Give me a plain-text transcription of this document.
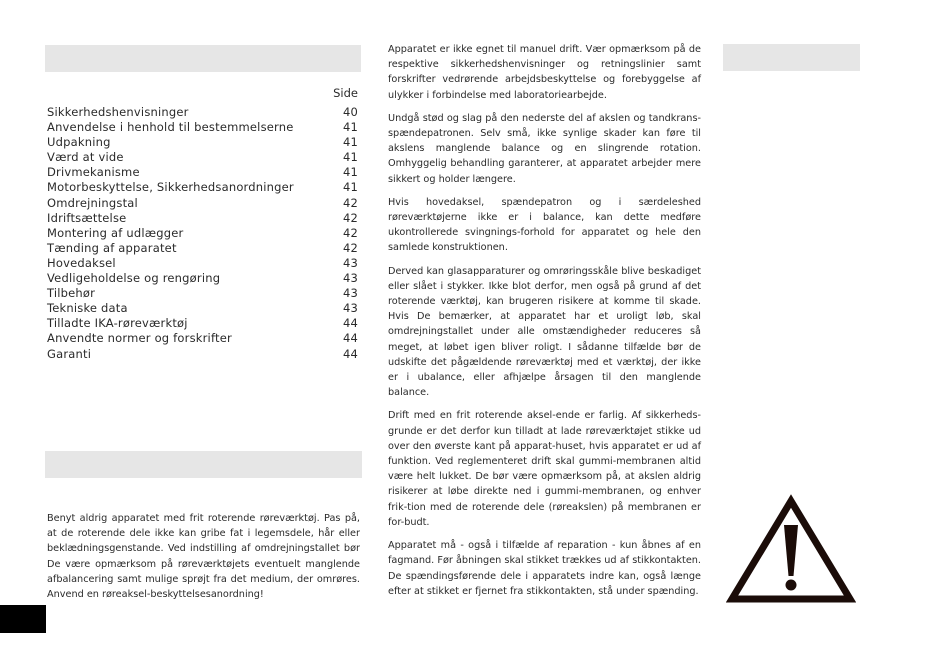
Side
Sikkerhedshenvisninger	40
Anvendelse i henhold til bestemmelserne	41
Udpakning	41
Værd at vide	41
Drivmekanisme	41
Motorbeskyttelse, Sikkerhedsanordninger	41
Omdrejningstal	42
Idriftsættelse	42
Montering af udlægger	42
Tænding af apparatet	42
Hovedaksel	43
Vedligeholdelse og rengøring	43
Tilbehør	43
Tekniske data	43
Tilladte IKA-røreværktøj	44
Anvendte normer og forskrifter	44
Garanti	44

Benyt aldrig apparatet med frit roterende røreværktøj. Pas på, at de roterende dele ikke kan gribe fat i legemsdele, hår eller beklædningsgenstande. Ved indstilling af omdrejningstallet bør De være opmærksom på røreværktøjets eventuelt manglende afbalancering samt mulige sprøjt fra det medium, der omrøres. Anvend en røreaksel-beskyttelsesanordning!

Apparatet er ikke egnet til manuel drift. Vær opmærksom på de respektive sikkerhedshenvisninger og retningslinier samt forskrifter vedrørende arbejdsbeskyttelse og forebyggelse af ulykker i forbindelse med laboratoriearbejde.

Undgå stød og slag på den nederste del af akslen og tandkrans-spændepatronen. Selv små, ikke synlige skader kan føre til akslens manglende balance og en slingrende rotation. Omhyggelig behandling garanterer, at apparatet arbejder mere sikkert og holder længere.

Hvis hovedaksel, spændepatron og i særdeleshed røreværktøjerne ikke er i balance, kan dette medføre ukontrollerede svingnings-forhold for apparatet og hele den samlede konstruktionen.

Derved kan glasapparaturer og omrøringsskåle blive beskadiget eller slået i stykker. Ikke blot derfor, men også på grund af det roterende værktøj, kan brugeren risikere at komme til skade. Hvis De bemærker, at apparatet har et uroligt løb, skal omdrejningstallet under alle omstændigheder reduceres så meget, at løbet igen bliver roligt. I sådanne tilfælde bør de udskifte det pågældende røreværktøj med et værktøj, der ikke er i ubalance, eller afhjælpe årsagen til den manglende balance.

Drift med en frit roterende aksel-ende er farlig. Af sikkerheds-grunde er det derfor kun tilladt at lade røreværktøjet stikke ud over den øverste kant på apparat-huset, hvis apparatet er ud af funktion. Ved reglementeret drift skal gummi-membranen altid være helt lukket. De bør være opmærksom på, at akslen aldrig risikerer at løbe direkte ned i gummi-membranen, og enhver frik-tion med de roterende dele (røreakslen) på membranen er for-budt.

Apparatet må - også i tilfælde af reparation - kun åbnes af en fagmand. Før åbningen skal stikket trækkes ud af stikkontakten. De spændingsførende dele i apparatets indre kan, også længe efter at stikket er fjernet fra stikkontakten, stå under spænding.
